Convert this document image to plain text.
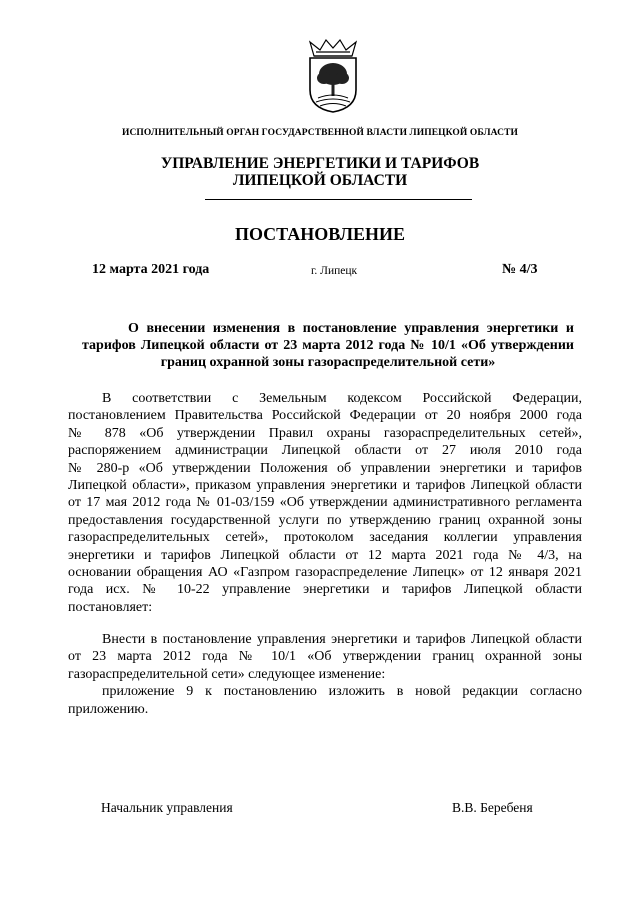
ИСПОЛНИТЕЛЬНЫЙ ОРГАН ГОСУДАРСТВЕННОЙ ВЛАСТИ ЛИПЕЦКОЙ ОБЛАСТИ
УПРАВЛЕНИЕ ЭНЕРГЕТИКИ И ТАРИФОВ
ЛИПЕЦКОЙ ОБЛАСТИ
ПОСТАНОВЛЕНИЕ
12 марта 2021 года	г. Липецк	№ 4/3
О внесении изменения в постановление управления энергетики и
тарифов Липецкой области от 23 марта 2012 года № 10/1 «Об утверждении
границ охранной зоны газораспределительной сети»
В соответствии с Земельным кодексом Российской Федерации,
постановлением Правительства Российской Федерации от 20 ноября 2000 года
№ 878 «Об утверждении Правил охраны газораспределительных сетей»,
распоряжением администрации Липецкой области от 27 июля 2010 года
№ 280-р «Об утверждении Положения об управлении энергетики и тарифов
Липецкой области», приказом управления энергетики и тарифов Липецкой области
от 17 мая 2012 года № 01-03/159 «Об утверждении административного регламента
предоставления государственной услуги по утверждению границ охранной зоны
газораспределительных сетей», протоколом заседания коллегии управления
энергетики и тарифов Липецкой области от 12 марта 2021 года № 4/3, на
основании обращения АО «Газпром газораспределение Липецк» от 12 января 2021
года исх. № 10-22 управление энергетики и тарифов Липецкой области
постановляет:
Внести в постановление управления энергетики и тарифов Липецкой области
от 23 марта 2012 года № 10/1 «Об утверждении границ охранной зоны
газораспределительной сети» следующее изменение:
приложение 9 к постановлению изложить в новой редакции согласно
приложению.
Начальник управления	В.В. Беребеня
